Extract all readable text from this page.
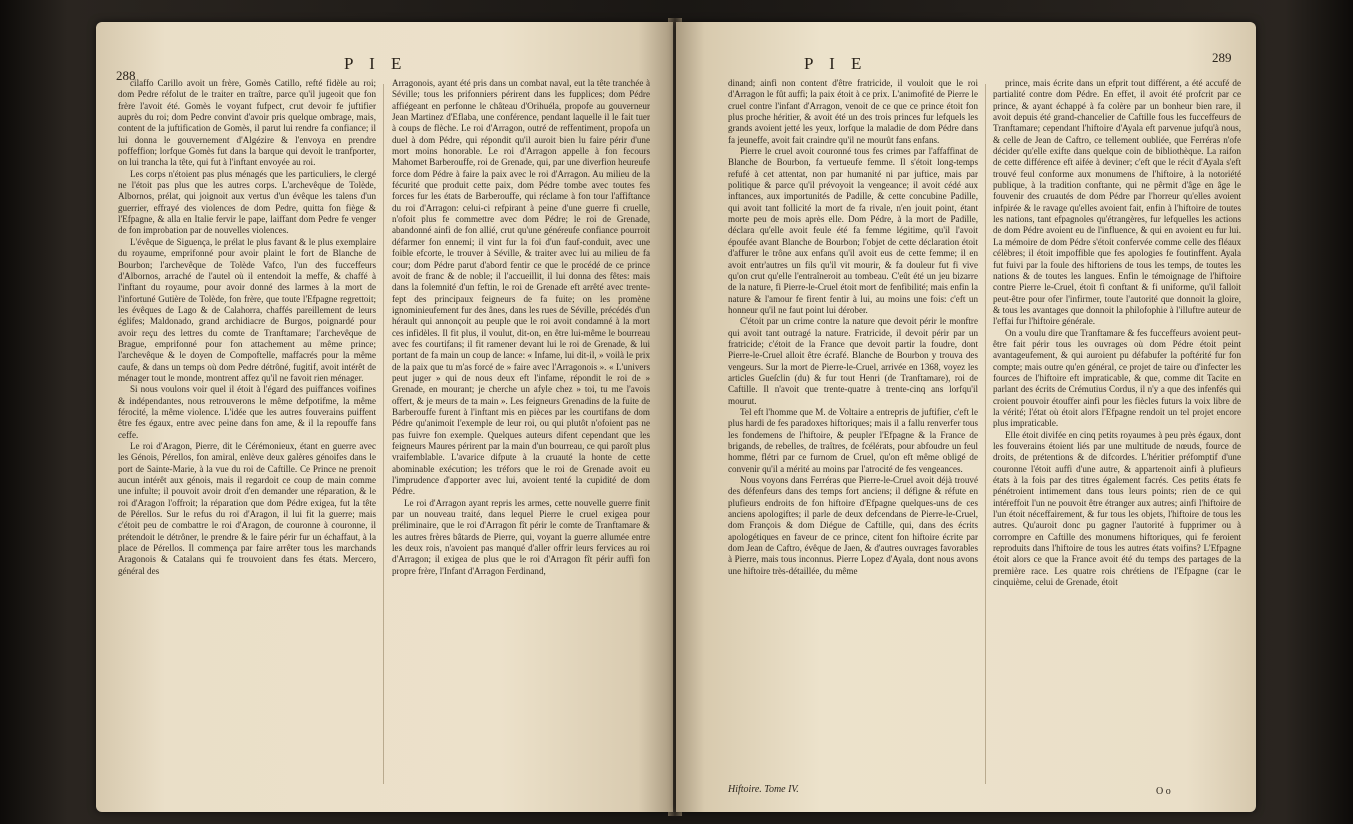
288
P I E

cilaffo Carillo avoit un frère, Gomès Catillo, refté fidèle au roi; dom Pedre réfolut de le traiter en traître, parce qu'il jugeoit que fon frère l'avoit été. Gomès le voyant fufpect, crut devoir fe juftifier auprès du roi; dom Pedre convint d'avoir pris quelque ombrage, mais, content de la juftification de Gomès, il parut lui rendre fa confiance; il lui donna le gouvernement d'Algézire & l'envoya en prendre poffeffion; lorfque Gomès fut dans la barque qui devoit le tranfporter, on lui trancha la tête, qui fut à l'inftant envoyée au roi.

Les corps n'étoient pas plus ménagés que les particuliers, le clergé ne l'étoit pas plus que les autres corps. L'archevêque de Tolède, Albornos, prélat, qui joignoit aux vertus d'un évêque les talens d'un guerrier, effrayé des violences de dom Pedre, quitta fon fiège & l'Efpagne, & alla en Italie fervir le pape, laiffant dom Pedre fe venger de fon improbation par de nouvelles violences.

L'évêque de Siguença, le prélat le plus favant & le plus exemplaire du royaume, emprifonné pour avoir plaint le fort de Blanche de Bourbon; l'archevêque de Tolède Vafco, l'un des fucceffeurs d'Albornos, arraché de l'autel où il entendoit la meffe, & chaffé à l'inftant du royaume, pour avoir donné des larmes à la mort de l'infortuné Gutière de Tolède, fon frère, que toute l'Efpagne regrettoit; les évêques de Lago & de Calahorra, chaffés pareillement de leurs églifes; Maldonado, grand archidiacre de Burgos, poignardé pour avoir reçu des lettres du comte de Tranftamare; l'archevêque de Brague, emprifonné pour fon attachement au même prince; l'archevêque & le doyen de Compoftelle, maffacrés pour la même caufe, & dans un temps où dom Pedre détrôné, fugitif, avoit intérêt de ménager tout le monde, montrent affez qu'il ne favoit rien ménager.

Si nous voulons voir quel il étoit à l'égard des puiffances voifines & indépendantes, nous retrouverons le même defpotifme, la même férocité, la même violence. L'idée que les autres fouverains puiffent être fes égaux, entre avec peine dans fon ame, & il la repouffe fans ceffe.

Le roi d'Aragon, Pierre, dit le Cérémonieux, étant en guerre avec les Génois, Pérellos, fon amiral, enlève deux galères génoifes dans le port de Sainte-Marie, à la vue du roi de Caftille. Ce Prince ne prenoit aucun intérêt aux génois, mais il regardoit ce coup de main comme une infulte; il pouvoit avoir droit d'en demander une réparation, & le roi d'Aragon l'offroit; la réparation que dom Pédre exigea, fut la tête de Pérellos. Sur le refus du roi d'Aragon, il lui fit la guerre; mais c'étoit peu de combattre le roi d'Aragon, de couronne à couronne, il prétendoit le détrôner, le prendre & le faire périr fur un échaffaut, à la place de Pérellos. Il commença par faire arrêter tous les marchands Aragonois & Catalans qui fe trouvoient dans fes états. Mercero, général des

Arragonois, ayant été pris dans un combat naval, eut la tête tranchée à Séville; tous les prifonniers périrent dans les fupplices; dom Pédre affiégeant en perfonne le château d'Orihuéla, propofe au gouverneur Jean Martinez d'Eflaba, une conférence, pendant laquelle il le fait tuer à coups de flèche. Le roi d'Arragon, outré de reffentiment, propofa un duel à dom Pédre, qui répondit qu'il auroit bien lu faire périr d'une mort moins honorable. Le roi d'Arragon appelle à fon fecours Mahomet Barberouffe, roi de Grenade, qui, par une diverfion heureufe force dom Pédre à faire la paix avec le roi d'Arragon. Au milieu de la fécurité que produit cette paix, dom Pédre tombe avec toutes fes forces fur les états de Barberouffe, qui réclame à fon tour l'affiftance du roi d'Arragon: celui-ci refpirant à peine d'une guerre fi cruelle, n'ofoit plus fe commettre avec dom Pédre; le roi de Grenade, abandonné ainfi de fon allié, crut qu'une généreufe confiance pourroit défarmer fon ennemi; il vint fur la foi d'un fauf-conduit, avec une foible efcorte, le trouver à Séville, & traiter avec lui au milieu de fa cour; dom Pédre parut d'abord fentir ce que le procédé de ce prince avoit de franc & de noble; il l'accueillit, il lui donna des fêtes: mais dans la folemnité d'un feftin, le roi de Grenade eft arrêté avec trente-fept des principaux feigneurs de fa fuite; on les promène ignominieufement fur des ânes, dans les rues de Séville, précédés d'un hérault qui annonçoit au peuple que le roi avoit condamné à la mort ces infidèles. Il fit plus, il voulut, dit-on, en être lui-même le bourreau avec fes courtifans; il fit ramener devant lui le roi de Grenade, & lui portant de fa main un coup de lance: « Infame, lui dit-il, » voilà le prix de la paix que tu m'as forcé de » faire avec l'Arragonois ». « L'univers peut juger » qui de nous deux eft l'infame, répondit le roi de » Grenade, en mourant; je cherche un afyle chez » toi, tu me l'avois offert, & je meurs de ta main ». Les feigneurs Grenadins de la fuite de Barberouffe furent à l'inftant mis en pièces par les courtifans de dom Pédre qu'animoit l'exemple de leur roi, ou qui plutôt n'ofoient pas ne pas fuivre fon exemple. Quelques auteurs difent cependant que les feigneurs Maures périrent par la main d'un bourreau, ce qui paroît plus vraifemblable. L'avarice difpute à la cruauté la honte de cette abominable exécution; les tréfors que le roi de Grenade avoit eu l'imprudence d'apporter avec lui, avoient tenté la cupidité de dom Pédre.

Le roi d'Arragon ayant repris les armes, cette nouvelle guerre finit par un nouveau traité, dans lequel Pierre le cruel exigea pour préliminaire, que le roi d'Arragon fît périr le comte de Tranftamare & les autres frères bâtards de Pierre, qui, voyant la guerre allumée entre les deux rois, n'avoient pas manqué d'aller offrir leurs fervices au roi d'Arragon; il exigea de plus que le roi d'Arragon fît périr auffi fon propre frère, l'Infant d'Arragon Ferdinand,

P I E	289

dinand; ainfi non content d'être fratricide, il vouloit que le roi d'Arragon le fût auffi; la paix étoit à ce prix. L'animofité de Pierre le cruel contre l'infant d'Arragon, venoit de ce que ce prince étoit fon plus proche héritier, & avoit été un des trois princes fur lefquels les grands avoient jetté les yeux, lorfque la maladie de dom Pédre dans fa jeuneffe, avoit fait craindre qu'il ne mourût fans enfans.

Pierre le cruel avoit couronné tous fes crimes par l'affaffinat de Blanche de Bourbon, fa vertueufe femme. Il s'étoit long-temps refufé à cet attentat, non par humanité ni par juftice, mais par politique & parce qu'il prévoyoit la vengeance; il avoit cédé aux inftances, aux importunités de Padille, & cette concubine Padille, qui avoit tant follicité la mort de fa rivale, n'en jouit point, étant morte peu de mois après elle. Dom Pédre, à la mort de Padille, déclara qu'elle avoit feule été fa femme légitime, qu'il l'avoit époufée avant Blanche de Bourbon; l'objet de cette déclaration étoit d'affurer le trône aux enfans qu'il avoit eus de cette femme; il en avoit entr'autres un fils qu'il vit mourir, & fa douleur fut fi vive qu'on crut qu'elle l'entraîneroit au tombeau. C'eût été un jeu bizarre de la nature, fi Pierre-le-Cruel étoit mort de fenfibilité; mais enfin la nature & l'amour fe firent fentir à lui, au moins une fois: c'eft un honneur qu'il ne faut point lui dérober.

C'étoit par un crime contre la nature que devoit périr le monftre qui avoit tant outragé la nature. Fratricide, il devoit périr par un fratricide; c'étoit de la France que devoit partir la foudre, dont Pierre-le-Cruel alloit être écrafé. Blanche de Bourbon y trouva des vengeurs. Sur la mort de Pierre-le-Cruel, arrivée en 1368, voyez les articles Gueſclin (du) & fur tout Henri (de Tranftamare), roi de Caftille. Il n'avoit que trente-quatre à trente-cinq ans lorfqu'il mourut.

Tel eft l'homme que M. de Voltaire a entrepris de juftifier, c'eft le plus hardi de fes paradoxes hiftoriques; mais il a fallu renverfer tous les fondemens de l'hiftoire, & peupler l'Efpagne & la France de brigands, de rebelles, de traîtres, de fcélérats, pour abfoudre un feul homme, flétri par ce furnom de Cruel, qu'on eft même obligé de convenir qu'il a mérité au moins par l'atrocité de fes vengeances.

Nous voyons dans Ferréras que Pierre-le-Cruel avoit déjà trouvé des défenfeurs dans des temps fort anciens; il défigne & réfute en plufieurs endroits de fon hiftoire d'Efpagne quelques-uns de ces anciens apologiftes; il parle de deux defcendans de Pierre-le-Cruel, dom François & dom Diégue de Caftille, qui, dans des écrits apologétiques en faveur de ce prince, citent fon hiftoire écrite par dom Jean de Caftro, évêque de Jaen, & d'autres ouvrages favorables à Pierre, mais tous inconnus. Pierre Lopez d'Ayala, dont nous avons une hiftoire très-détaillée, du même

prince, mais écrite dans un efprit tout différent, a été accufé de partialité contre dom Pédre. En effet, il avoit été profcrit par ce prince, & ayant échappé à fa colère par un bonheur bien rare, il avoit depuis été grand-chancelier de Caftille fous les fucceffeurs de Tranftamare; cependant l'hiftoire d'Ayala eft parvenue jufqu'à nous, & celle de Jean de Caftro, ce tellement oubliée, que Ferréras n'ofe décider qu'elle exifte dans quelque coin de bibliothèque. La raifon de cette différence eft aifée à deviner; c'eft que le récit d'Ayala s'eft trouvé feul conforme aux monumens de l'hiftoire, à la notoriété publique, à la tradition conftante, qui ne pêrmit d'âge en âge le fouvenir des cruautés de dom Pédre par l'horreur qu'elles avoient infpirée & le ravage qu'elles avoient fait, enfin à l'hiftoire de toutes les nations, tant efpagnoles qu'étrangères, fur lefquelles les actions de dom Pédre avoient eu de l'influence, & qui en avoient eu fur lui. La mémoire de dom Pédre s'étoit confervée comme celle des fléaux célèbres; il étoit impoffible que fes apologies fe foutinffent. Ayala fut fuivi par la foule des hiftoriens de tous les temps, de toutes les nations & de toutes les langues. Enfin le témoignage de l'hiftoire contre Pierre le-Cruel, étoit fi conftant & fi uniforme, qu'il falloit peut-être pour ofer l'infirmer, toute l'autorité que donnoit la gloire, & tous les avantages que donnoit la philofophie à l'illuftre auteur de l'effai fur l'hiftoire générale.

On a voulu dire que Tranftamare & fes fucceffeurs avoient peut-être fait périr tous les ouvrages où dom Pédre étoit peint avantageufement, & qui auroient pu défabufer la poftérité fur fon compte; mais outre qu'en général, ce projet de taire ou d'infecter les fources de l'hiftoire eft impraticable, & que, comme dit Tacite en parlant des écrits de Crémutius Cordus, il n'y a que des infenfés qui croient pouvoir étouffer ainfi pour les fiècles futurs la voix libre de la vérité; l'état où étoit alors l'Efpagne rendoit un tel projet encore plus impraticable.

Elle étoit divifée en cinq petits royaumes à peu près égaux, dont les fouverains étoient liés par une multitude de nœuds, fource de droits, de prétentions & de difcordes. L'héritier préfomptif d'une couronne l'étoit auffi d'une autre, & appartenoit ainfi à plufieurs états à la fois par des titres également facrés. Ces petits états fe pénétroient intimement dans tous leurs points; rien de ce qui intéreffoit l'un ne pouvoit être étranger aux autres; ainfi l'hiftoire de l'un étoit néceffairement, & fur tous les objets, l'hiftoire de tous les autres. Qu'auroit donc pu gagner l'autorité à fupprimer ou à corrompre en Caftille des monumens hiftoriques, qui fe feroient reproduits dans l'hiftoire de tous les autres états voifins? L'Efpagne étoit alors ce que la France avoit été du temps des partages de la première race. Les quatre rois chrétiens de l'Efpagne (car le cinquième, celui de Grenade, étoit

Hiftoire. Tome IV.	O o
